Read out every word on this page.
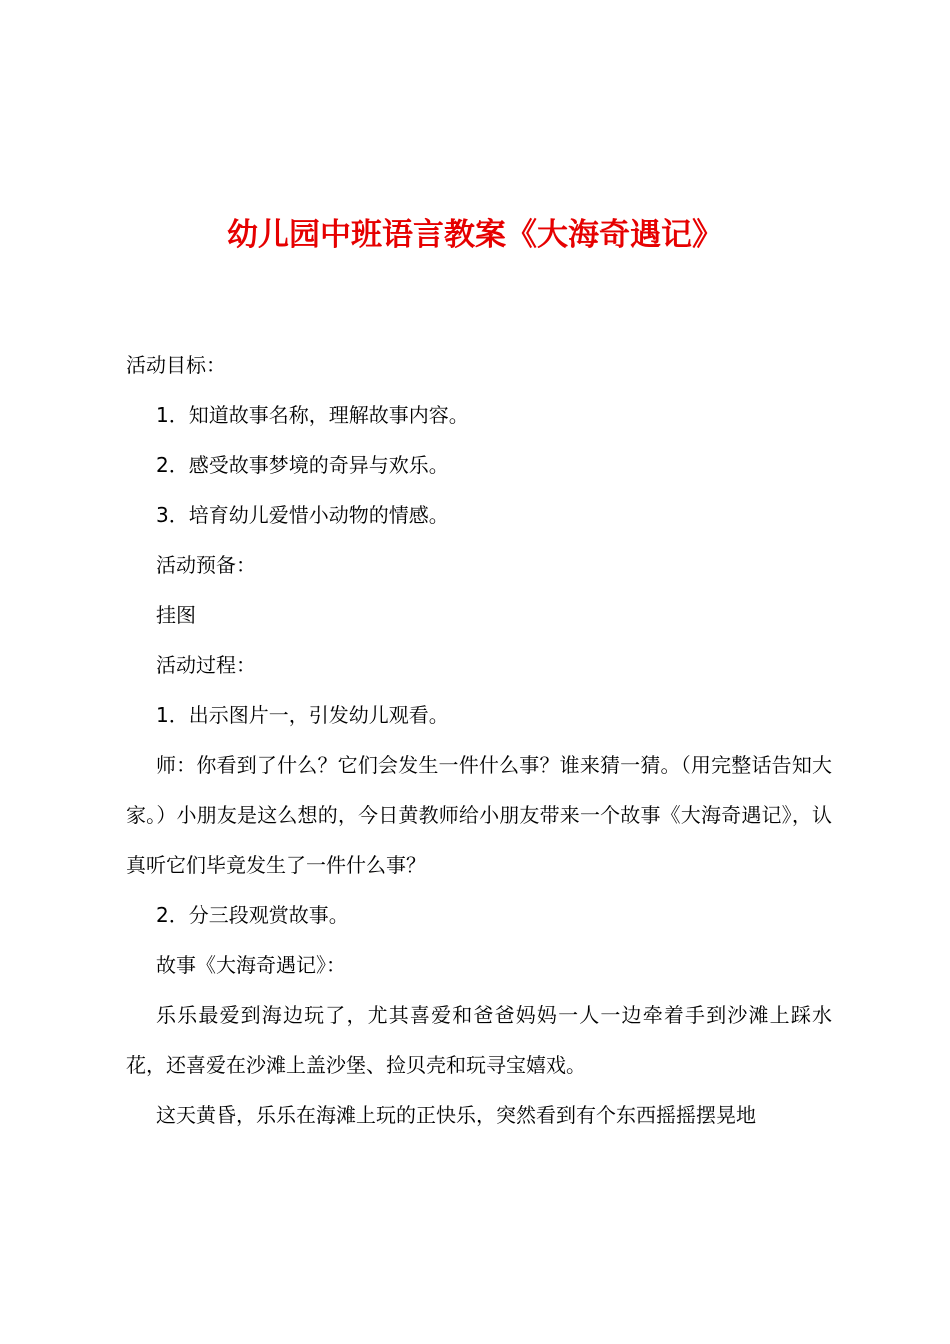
幼儿园中班语言教案《大海奇遇记》

活动目标：

1．知道故事名称，理解故事内容。

2．感受故事梦境的奇异与欢乐。

3．培育幼儿爱惜小动物的情感。

活动预备：

挂图

活动过程：

1．出示图片一，引发幼儿观看。

师：你看到了什么？它们会发生一件什么事？谁来猜一猜。（用完整话告知大家。）小朋友是这么想的，今日黄教师给小朋友带来一个故事《大海奇遇记》，认真听它们毕竟发生了一件什么事？

2．分三段观赏故事。

故事《大海奇遇记》：

乐乐最爱到海边玩了，尤其喜爱和爸爸妈妈一人一边牵着手到沙滩上踩水花，还喜爱在沙滩上盖沙堡、捡贝壳和玩寻宝嬉戏。

这天黄昏，乐乐在海滩上玩的正快乐，突然看到有个东西摇摇摆晃地
